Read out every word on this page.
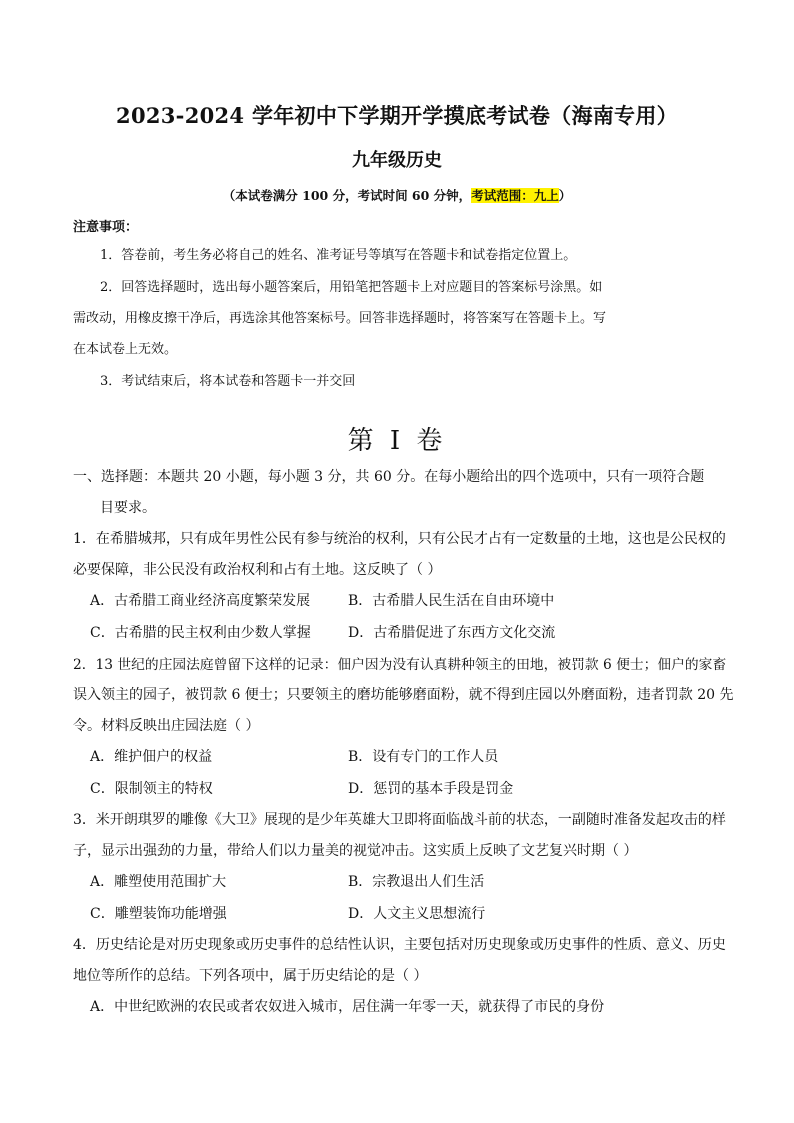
2023-2024 学年初中下学期开学摸底考试卷（海南专用）
九年级历史
（本试卷满分 100 分，考试时间 60 分钟，考试范围：九上）
注意事项：
1．答卷前，考生务必将自己的姓名、准考证号等填写在答题卡和试卷指定位置上。
2．回答选择题时，选出每小题答案后，用铅笔把答题卡上对应题目的答案标号涂黑。如
需改动，用橡皮擦干净后，再选涂其他答案标号。回答非选择题时，将答案写在答题卡上。写
在本试卷上无效。
3．考试结束后，将本试卷和答题卡一并交回
第 I 卷
一、选择题：本题共 20 小题，每小题 3 分，共 60 分。在每小题给出的四个选项中，只有一项符合题
目要求。
1．在希腊城邦，只有成年男性公民有参与统治的权利，只有公民才占有一定数量的土地，这也是公民权的
必要保障，非公民没有政治权利和占有土地。这反映了（ ）
A．古希腊工商业经济高度繁荣发展	B．古希腊人民生活在自由环境中
C．古希腊的民主权利由少数人掌握	D．古希腊促进了东西方文化交流
2．13 世纪的庄园法庭曾留下这样的记录：佃户因为没有认真耕种领主的田地，被罚款 6 便士；佃户的家畜
误入领主的园子，被罚款 6 便士；只要领主的磨坊能够磨面粉，就不得到庄园以外磨面粉，违者罚款 20 先
令。材料反映出庄园法庭（ ）
A．维护佃户的权益	B．设有专门的工作人员
C．限制领主的特权	D．惩罚的基本手段是罚金
3．米开朗琪罗的雕像《大卫》展现的是少年英雄大卫即将面临战斗前的状态，一副随时准备发起攻击的样
子，显示出强劲的力量，带给人们以力量美的视觉冲击。这实质上反映了文艺复兴时期（ ）
A．雕塑使用范围扩大	B．宗教退出人们生活
C．雕塑装饰功能增强	D．人文主义思想流行
4．历史结论是对历史现象或历史事件的总结性认识，主要包括对历史现象或历史事件的性质、意义、历史
地位等所作的总结。下列各项中，属于历史结论的是（ ）
A．中世纪欧洲的农民或者农奴进入城市，居住满一年零一天，就获得了市民的身份
